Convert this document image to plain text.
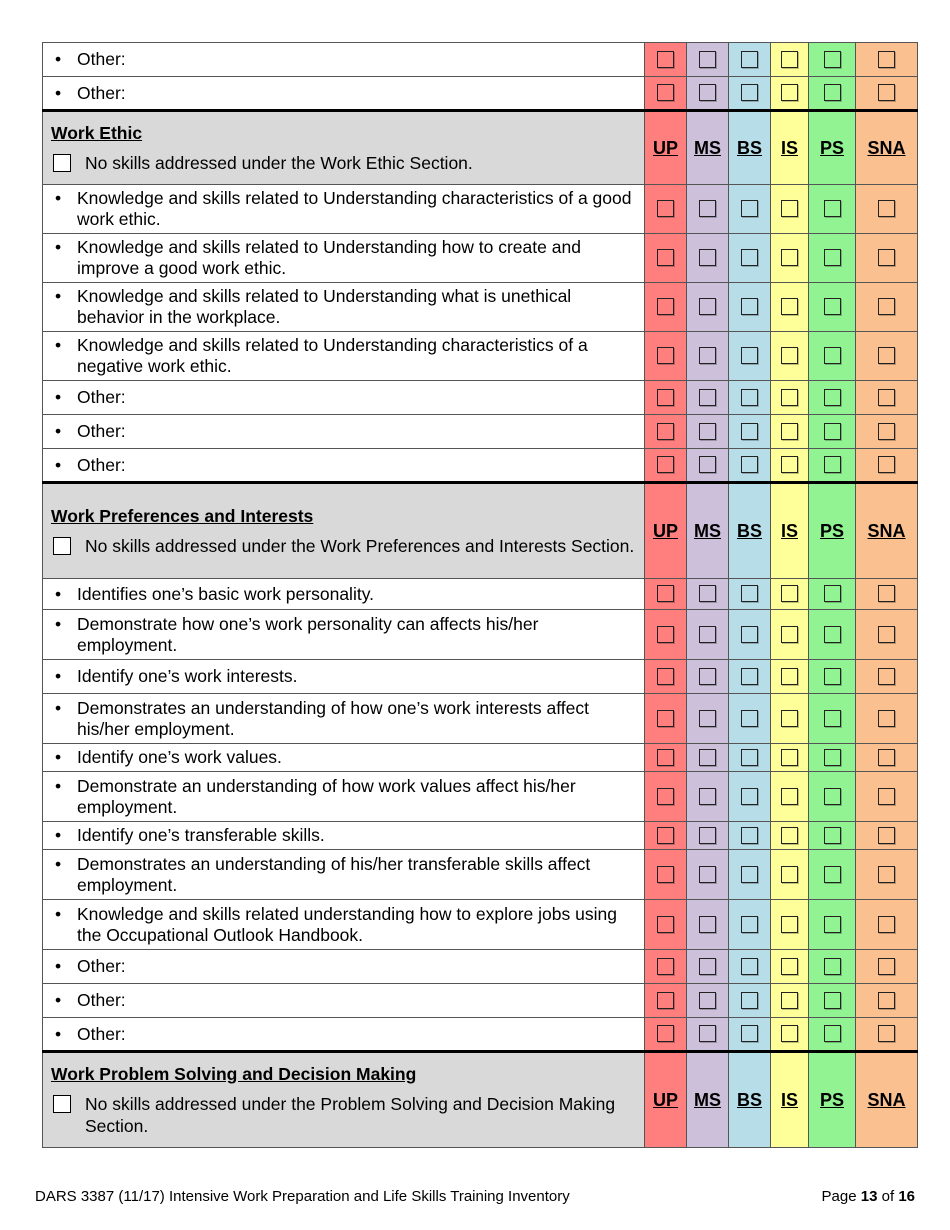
• Other:						

• Other:						

Work Ethic
No skills addressed under the Work Ethic Section.	UP	MS	BS	IS	PS	SNA

• Knowledge and skills related to Understanding characteristics of a good work ethic.						

• Knowledge and skills related to Understanding how to create and improve a good work ethic.						

• Knowledge and skills related to Understanding what is unethical behavior in the workplace.						

• Knowledge and skills related to Understanding characteristics of a negative work ethic.						

• Other:						

• Other:						

• Other:						

Work Preferences and Interests
No skills addressed under the Work Preferences and Interests Section.	UP	MS	BS	IS	PS	SNA

• Identifies one’s basic work personality.						

• Demonstrate how one’s work personality can affects his/her employment.						

• Identify one’s work interests.						

• Demonstrates an understanding of how one’s work interests affect his/her employment.						

• Identify one’s work values.						

• Demonstrate an understanding of how work values affect his/her employment.						

• Identify one’s transferable skills.						

• Demonstrates an understanding of his/her transferable skills affect employment.						

• Knowledge and skills related understanding how to explore jobs using the Occupational Outlook Handbook.						

• Other:						

• Other:						

• Other:						

Work Problem Solving and Decision Making
No skills addressed under the Problem Solving and Decision Making Section.	UP	MS	BS	IS	PS	SNA
DARS 3387 (11/17) Intensive Work Preparation and Life Skills Training Inventory	Page 13 of 16
